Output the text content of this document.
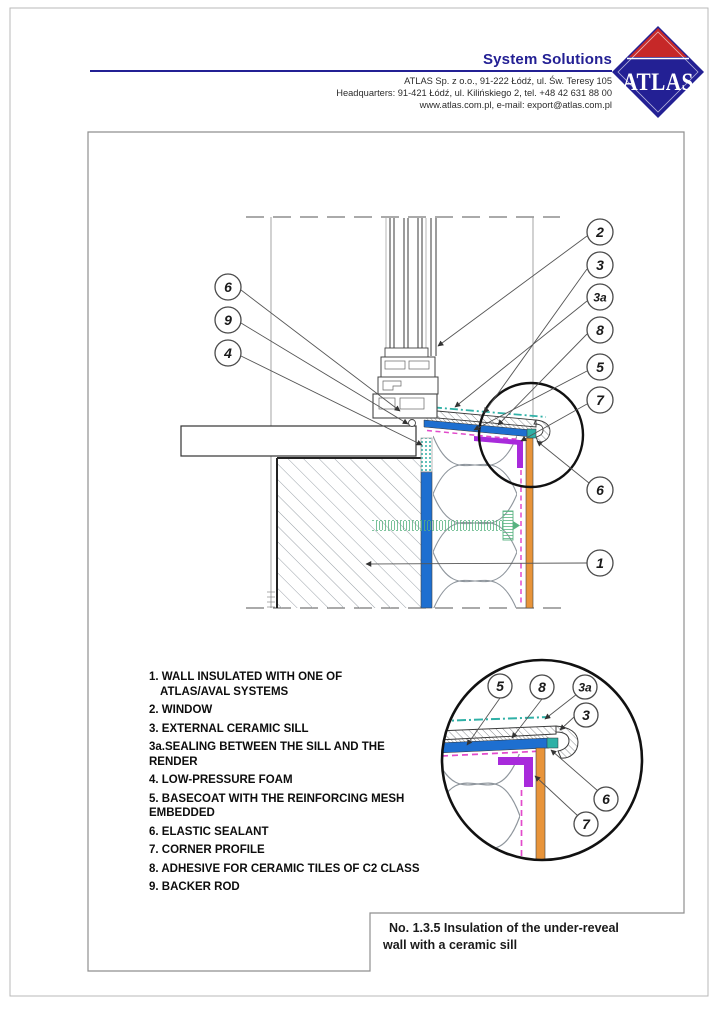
System Solutions
ATLAS Sp. z o.o., 91-222 Łódź, ul. Św. Teresy 105
Headquarters: 91-421 Łódź, ul. Kilińskiego 2, tel. +48 42 631 88 00
www.atlas.com.pl, e-mail: export@atlas.com.pl
1. WALL INSULATED WITH ONE OF
ATLAS/AVAL SYSTEMS
2. WINDOW
3. EXTERNAL CERAMIC SILL
3a.SEALING BETWEEN THE SILL AND THE
RENDER
4. LOW-PRESSURE FOAM
5. BASECOAT WITH THE REINFORCING MESH
EMBEDDED
6. ELASTIC SEALANT
7. CORNER PROFILE
8. ADHESIVE FOR CERAMIC TILES OF C2 CLASS
9. BACKER ROD
No. 1.3.5 Insulation of the under-reveal
wall with a ceramic sill
ATLAS
6
9
4
2
3
3a
8
5
7
6
1
5 8	3a
3
6
7
